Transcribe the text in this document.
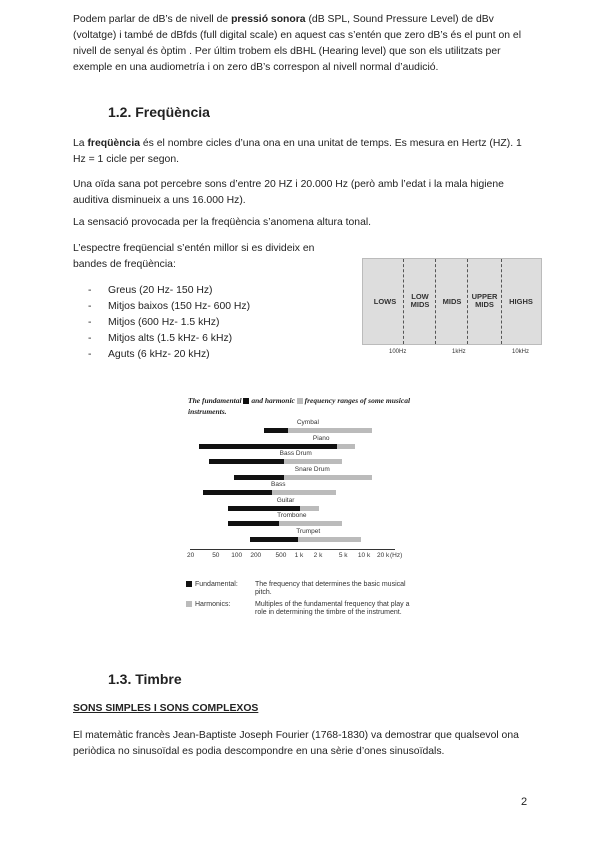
Podem parlar de dB’s de nivell de pressió sonora (dB SPL, Sound Pressure Level) de dBv (voltatge) i també de dBfds (full digital scale) en aquest cas s’entén que zero dB’s és el punt on el nivell de senyal és òptim . Per últim trobem els dBHL (Hearing level) que son els utilitzats per exemple en una audiometría i on zero dB’s correspon al nivell normal d’audició.
1.2. Freqüència
La freqüència és el nombre cicles d’una ona en una unitat de temps. Es mesura en Hertz (HZ). 1 Hz = 1 cicle per segon.
Una oïda sana pot percebre sons d’entre 20 HZ i 20.000 Hz (però amb l’edat i la mala higiene auditiva disminueix a uns 16.000 Hz).
La sensació provocada per la freqüència s’anomena altura tonal.
L’espectre freqüencial s’entén millor si es divideix en bandes de freqüència:
- Greus (20 Hz- 150 Hz)
- Mitjos baixos (150 Hz- 600 Hz)
- Mitjos (600 Hz- 1.5 kHz)
- Mitjos alts (1.5 kHz- 6 kHz)
- Aguts (6 kHz- 20 kHz)
LOWS
LOW
MIDS	MIDS
UPPER
MIDS	HIGHS
100Hz	1kHz	10kHz
The fundamental and harmonic frequency ranges of some musical instruments.
Cymbal
Piano
Bass Drum
Snare Drum
Bass
Guitar
Trombone
Trumpet
20	50 100 200 500 1 k 2 k	5 k 10 k 20 k (Hz)
Fundamental: The frequency that determines the basic musical pitch.
Harmonics:	Multiples of the fundamental frequency that play a role in determining the timbre of the instrument.
1.3. Timbre
SONS SIMPLES I SONS COMPLEXOS
El matemàtic francès Jean-Baptiste Joseph Fourier (1768-1830) va demostrar que qualsevol ona periòdica no sinusoïdal es podia descompondre en una sèrie d’ones sinusoïdals.
2
